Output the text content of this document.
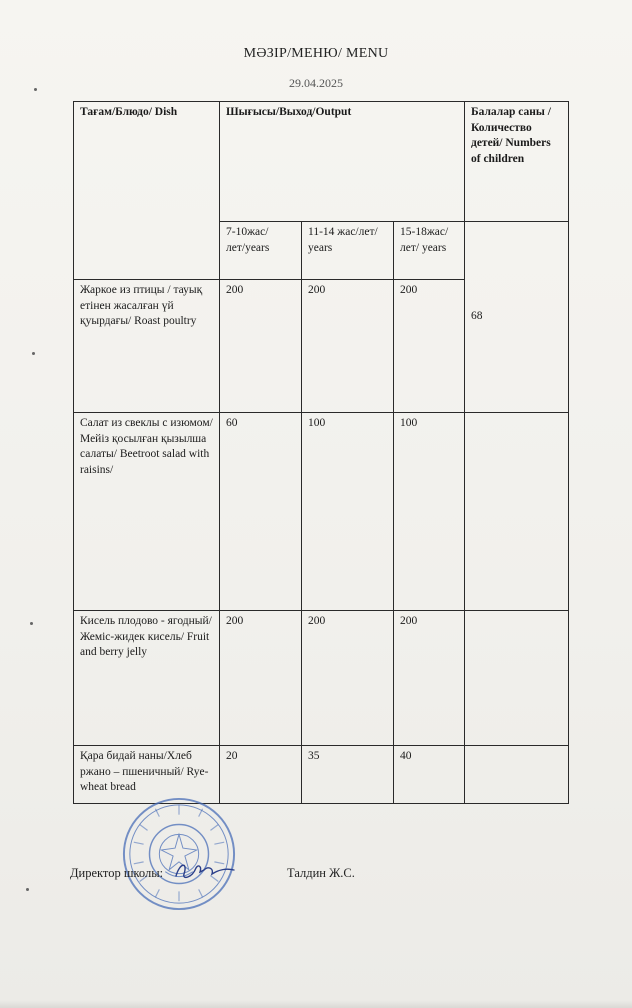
МӘЗІР/МЕНЮ/ MENU
29.04.2025
Тағам/Блюдо/ Dish	Шығысы/Выход/Output			Балалар саны /Количество детей/ Numbers of children
	7-10жас/лет/years	11-14 жас/лет/ years	15-18жас/лет/ years	68

Жаркое из птицы / тауық етінен жасалған үй қуырдағы/ Roast poultry	200	200	200	
Салат из свеклы с изюмом/ Мейіз қосылған қызылша салаты/ Beetroot salad with raisins/	60	100	100	
Кисель плодово - ягодный/ Жеміс-жидек кисель/ Fruit and berry jelly	200	200	200	
Қара бидай наны/Хлеб ржано – пшеничный/ Rye-wheat bread	20	35	40	
Директор школы:	Талдин Ж.С.
